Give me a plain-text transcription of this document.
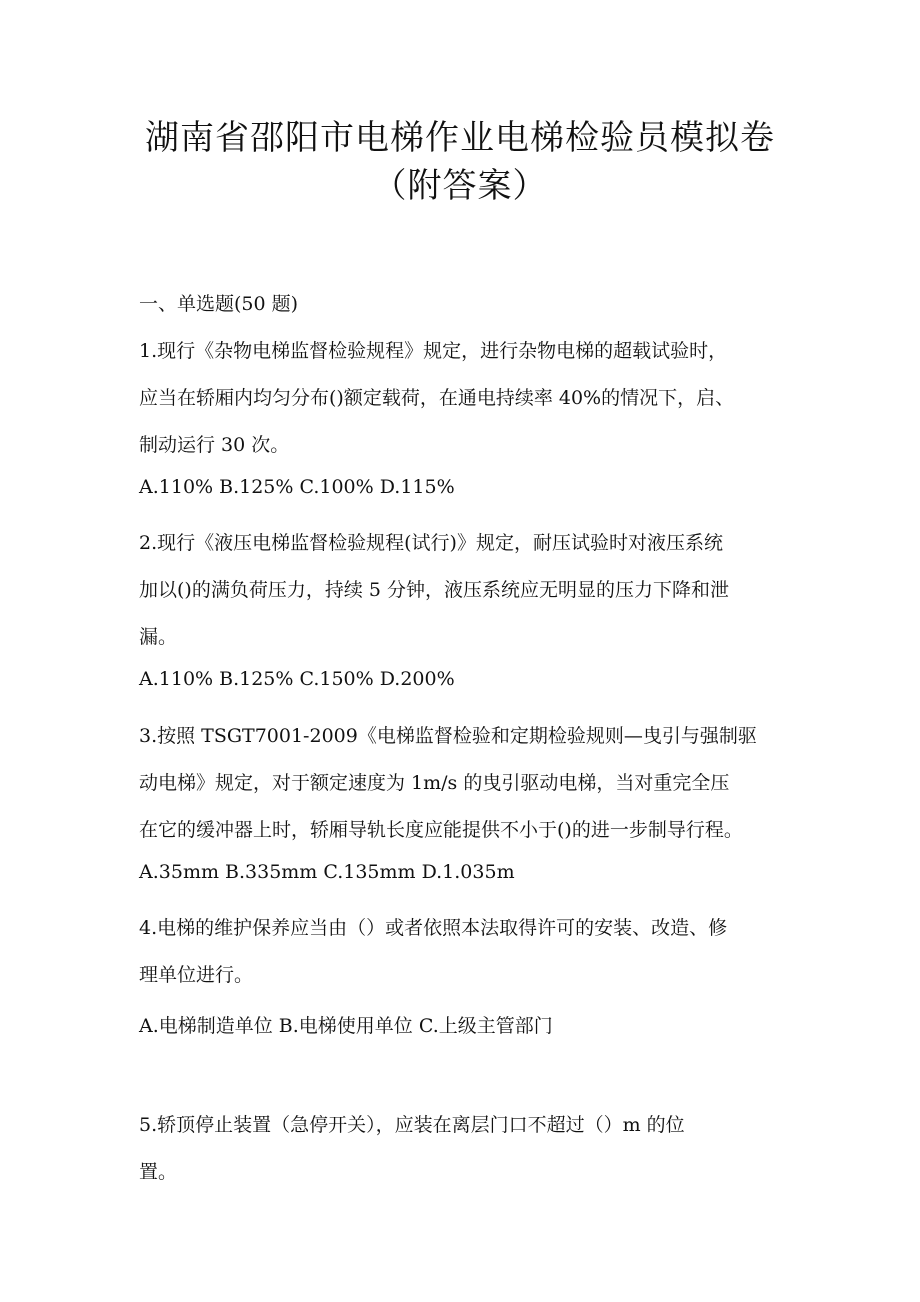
湖南省邵阳市电梯作业电梯检验员模拟卷
（附答案）

一、单选题(50 题)

1.现行《杂物电梯监督检验规程》规定，进行杂物电梯的超载试验时，

应当在轿厢内均匀分布()额定载荷，在通电持续率 40%的情况下，启、

制动运行 30 次。

A.110% B.125% C.100% D.115%

2.现行《液压电梯监督检验规程(试行)》规定，耐压试验时对液压系统

加以()的满负荷压力，持续 5 分钟，液压系统应无明显的压力下降和泄

漏。

A.110% B.125% C.150% D.200%

3.按照 TSGT7001-2009《电梯监督检验和定期检验规则—曳引与强制驱

动电梯》规定，对于额定速度为 1m/s 的曳引驱动电梯，当对重完全压

在它的缓冲器上时，轿厢导轨长度应能提供不小于()的进一步制导行程。

A.35mm B.335mm C.135mm D.1.035m

4.电梯的维护保养应当由（）或者依照本法取得许可的安装、改造、修

理单位进行。

A.电梯制造单位 B.电梯使用单位 C.上级主管部门

5.轿顶停止装置（急停开关），应装在离层门口不超过（）m 的位

置。
